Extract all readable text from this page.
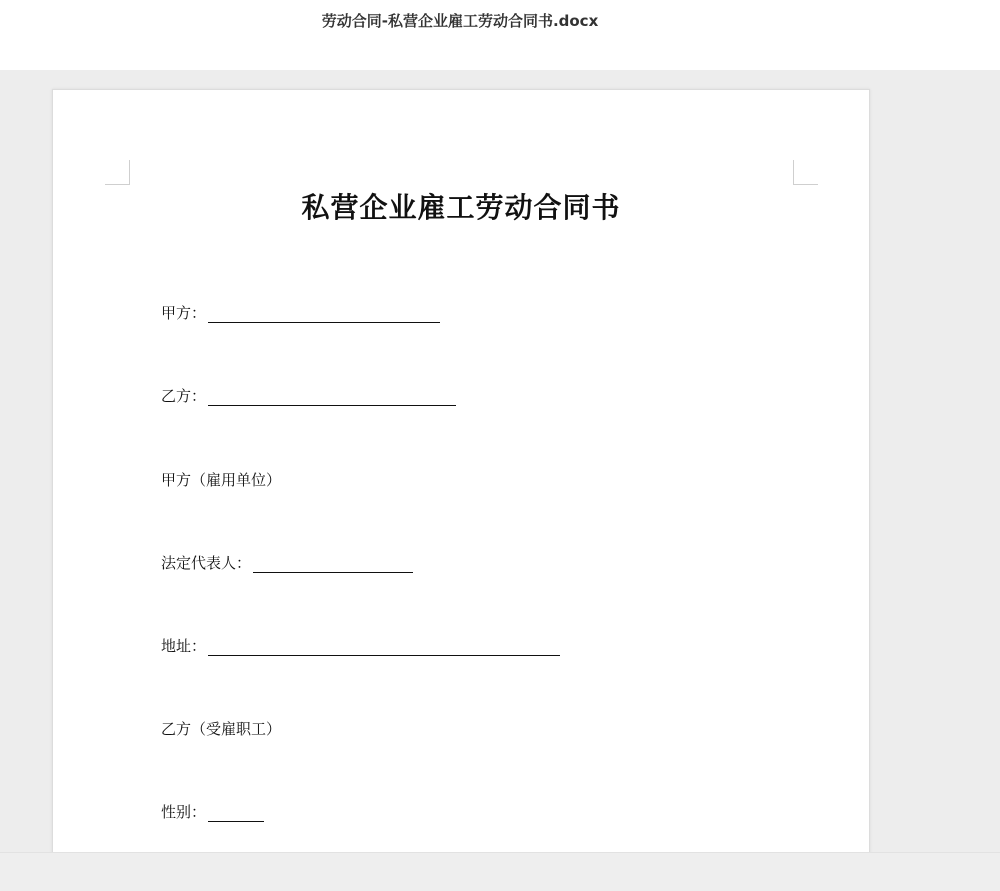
劳动合同-私营企业雇工劳动合同书.docx
私营企业雇工劳动合同书
甲方：
乙方：
甲方（雇用单位）
法定代表人：
地址：
乙方（受雇职工）
性别：
